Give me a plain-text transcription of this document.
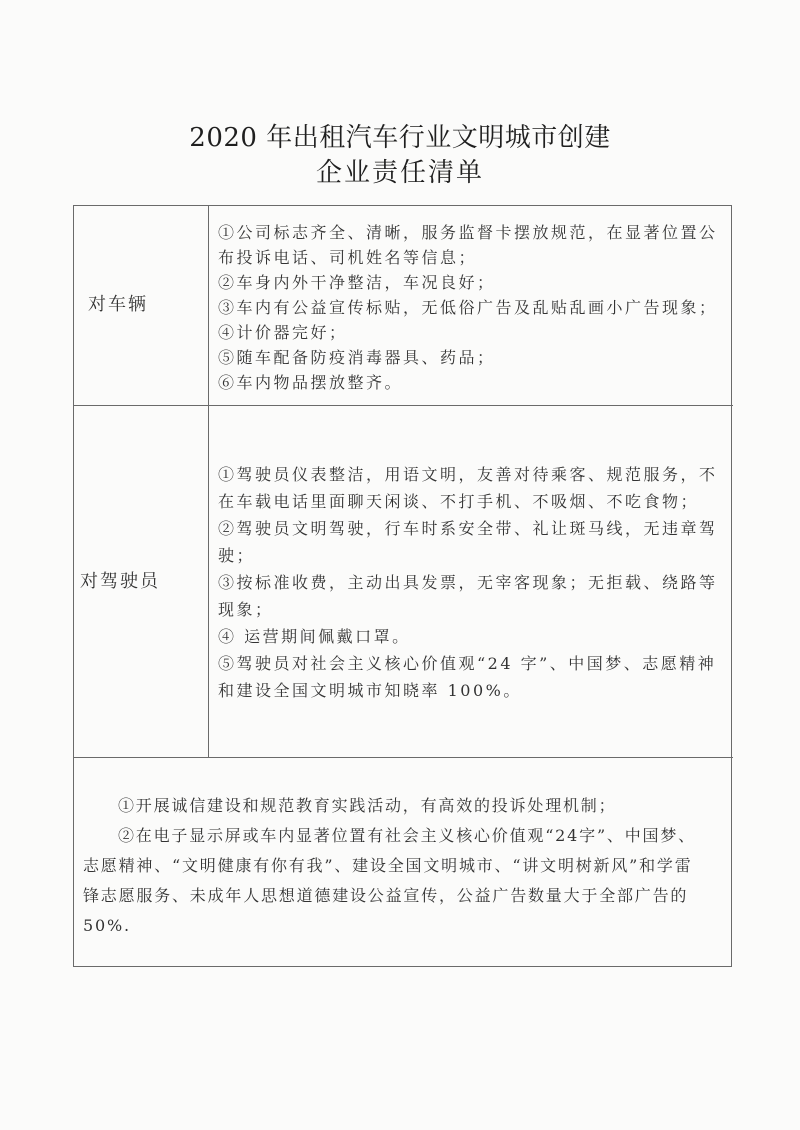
2020 年出租汽车行业文明城市创建
企业责任清单
对车辆
①公司标志齐全、清晰，服务监督卡摆放规范，在显著位置公
布投诉电话、司机姓名等信息；
②车身内外干净整洁，车况良好；
③车内有公益宣传标贴，无低俗广告及乱贴乱画小广告现象；
④计价器完好；
⑤随车配备防疫消毒器具、药品；
⑥车内物品摆放整齐。
对驾驶员
①驾驶员仪表整洁，用语文明，友善对待乘客、规范服务，不
在车载电话里面聊天闲谈、不打手机、不吸烟、不吃食物；
②驾驶员文明驾驶，行车时系安全带、礼让斑马线，无违章驾
驶；
③按标准收费，主动出具发票，无宰客现象；无拒载、绕路等
现象；
④ 运营期间佩戴口罩。
⑤驾驶员对社会主义核心价值观“24 字”、中国梦、志愿精神
和建设全国文明城市知晓率 100%。
①开展诚信建设和规范教育实践活动，有高效的投诉处理机制；
②在电子显示屏或车内显著位置有社会主义核心价值观“24字”、中国梦、
志愿精神、“文明健康有你有我”、建设全国文明城市、“讲文明树新风”和学雷
锋志愿服务、未成年人思想道德建设公益宣传，公益广告数量大于全部广告的
50%.
